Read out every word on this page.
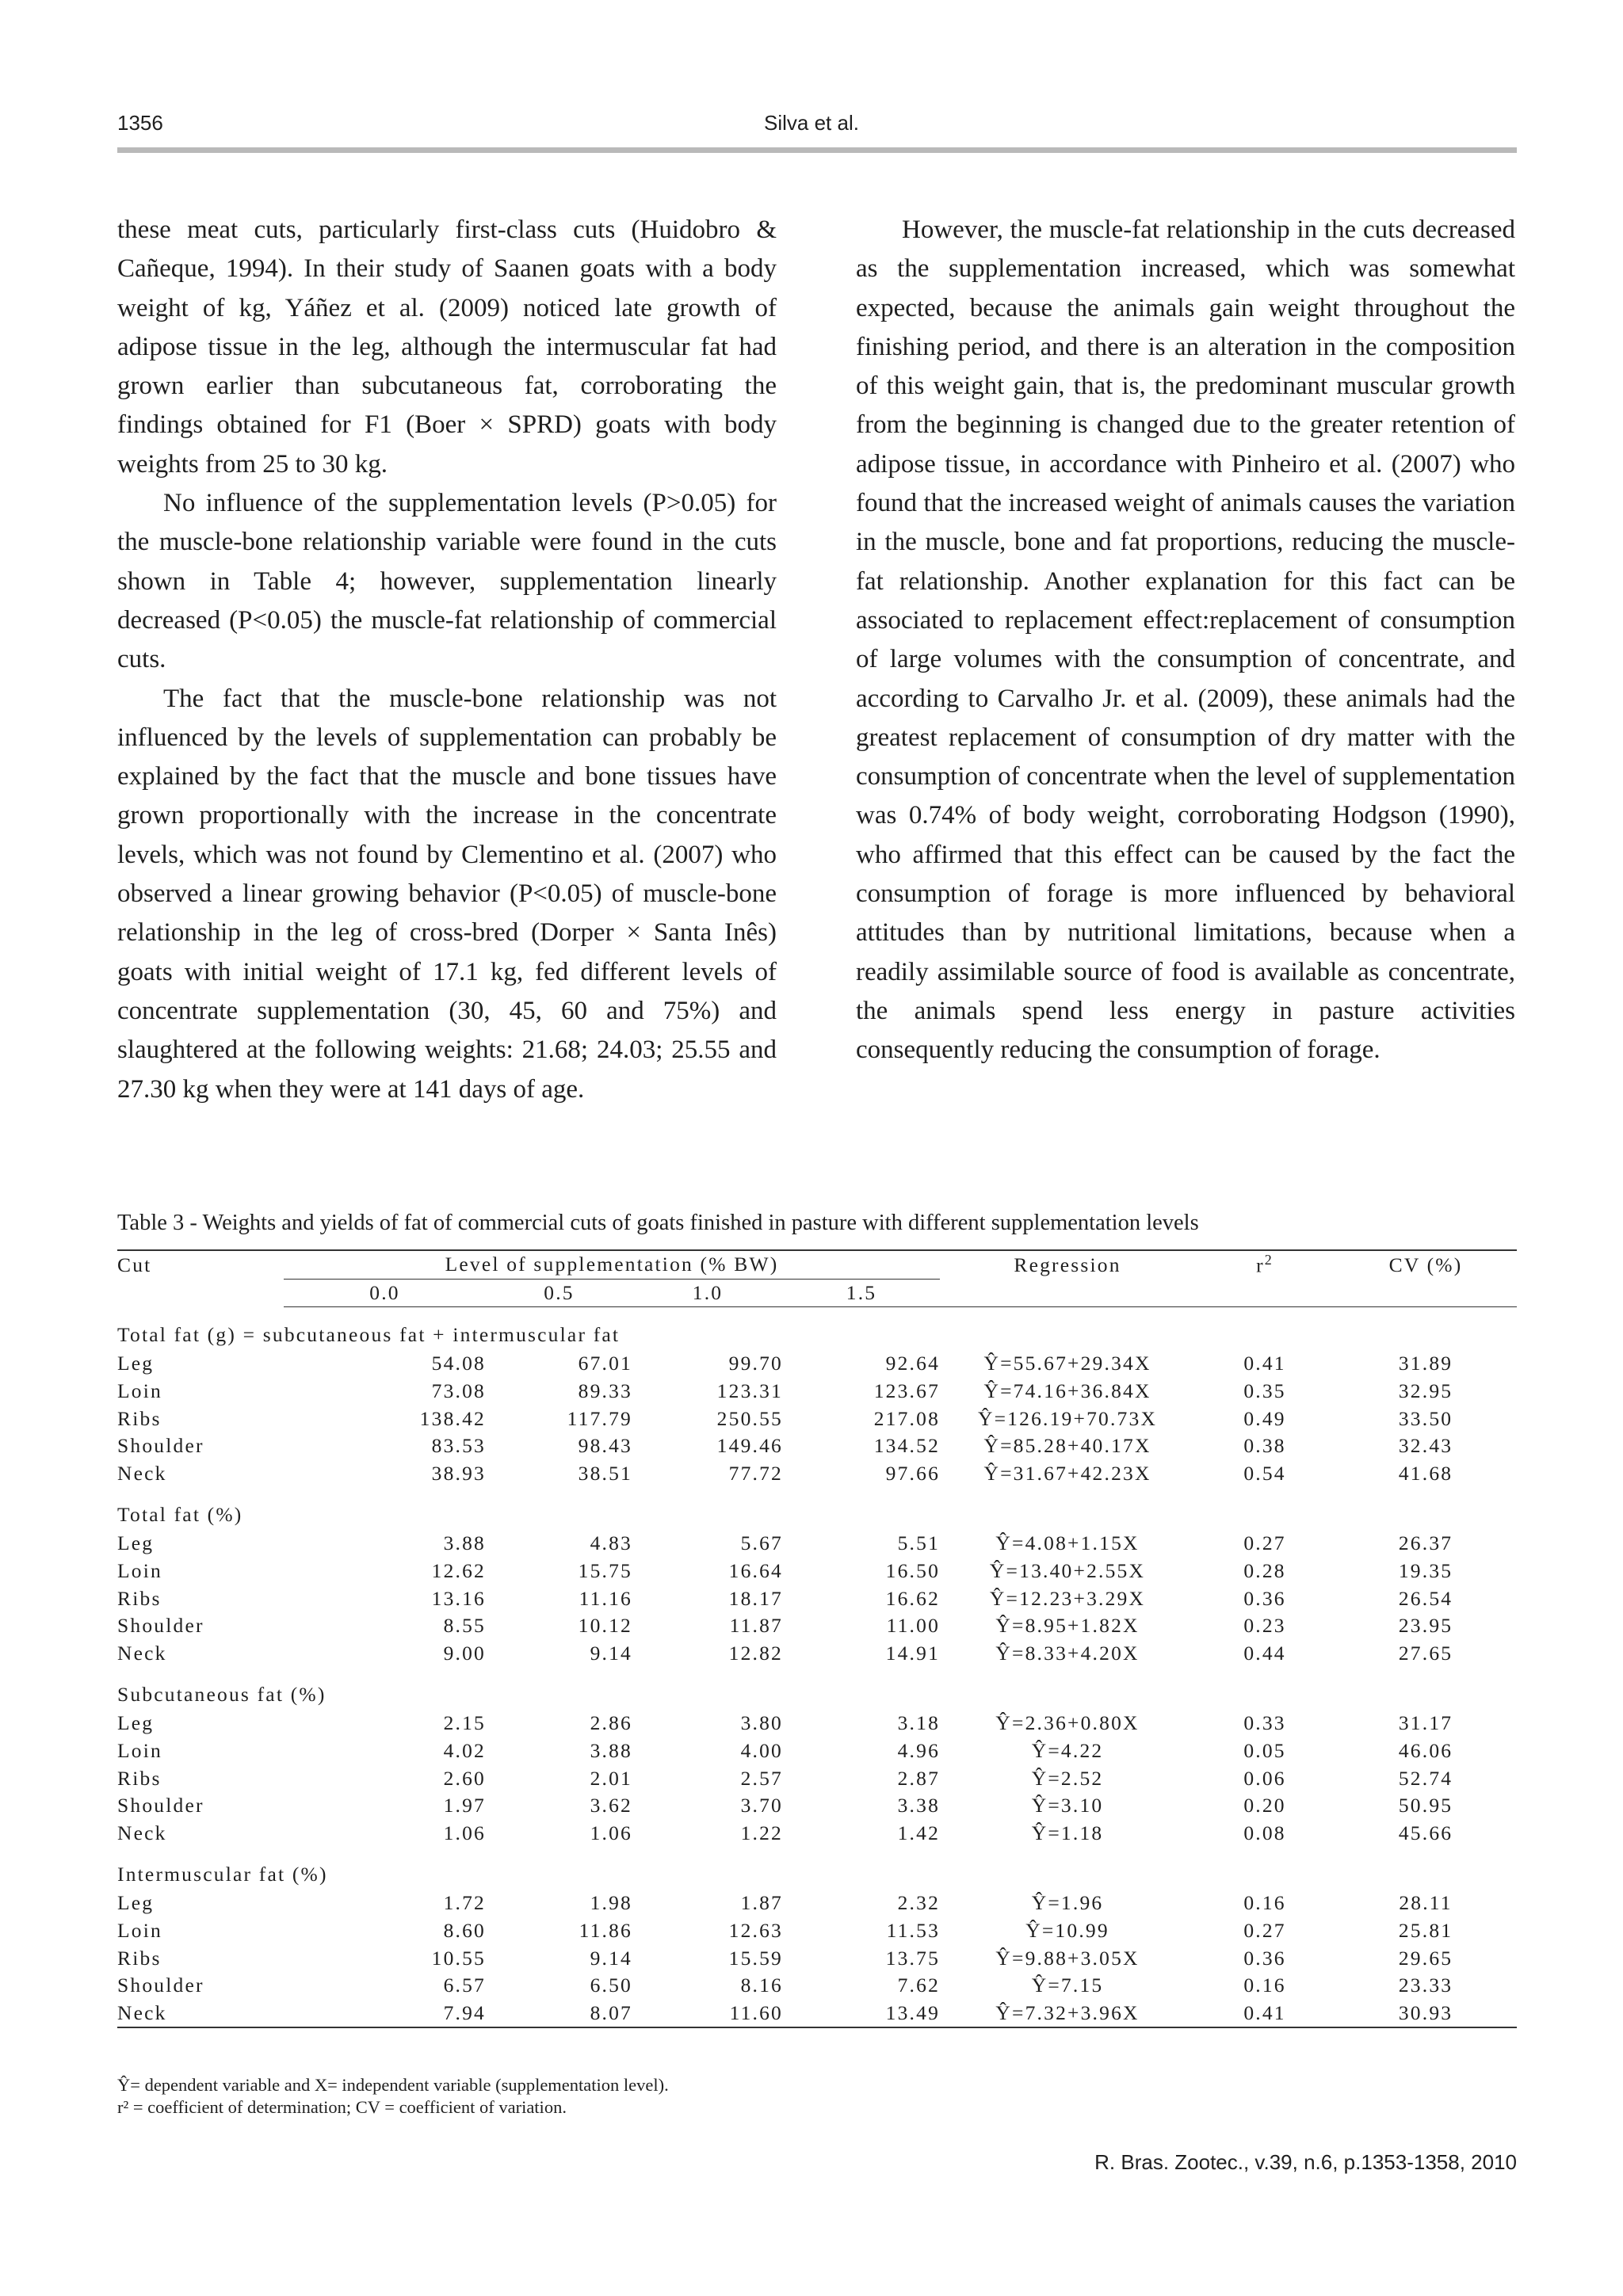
1356	Silva et al.

these meat cuts, particularly first-class cuts (Huidobro & Cañeque, 1994). In their study of Saanen goats with a body weight of kg, Yáñez et al. (2009) noticed late growth of adipose tissue in the leg, although the intermuscular fat had grown earlier than subcutaneous fat, corroborating the findings obtained for F1 (Boer × SPRD) goats with body weights from 25 to 30 kg.

No influence of the supplementation levels (P>0.05) for the muscle-bone relationship variable were found in the cuts shown in Table 4; however, supplementation linearly decreased (P<0.05) the muscle-fat relationship of commercial cuts.

The fact that the muscle-bone relationship was not influenced by the levels of supplementation can probably be explained by the fact that the muscle and bone tissues have grown proportionally with the increase in the concentrate levels, which was not found by Clementino et al. (2007) who observed a linear growing behavior (P<0.05) of muscle-bone relationship in the leg of cross-bred (Dorper × Santa Inês) goats with initial weight of 17.1 kg, fed different levels of concentrate supplementation (30, 45, 60 and 75%) and slaughtered at the following weights: 21.68; 24.03; 25.55 and 27.30 kg when they were at 141 days of age.

However, the muscle-fat relationship in the cuts decreased as the supplementation increased, which was somewhat expected, because the animals gain weight throughout the finishing period, and there is an alteration in the composition of this weight gain, that is, the predominant muscular growth from the beginning is changed due to the greater retention of adipose tissue, in accordance with Pinheiro et al. (2007) who found that the increased weight of animals causes the variation in the muscle, bone and fat proportions, reducing the muscle-fat relationship. Another explanation for this fact can be associated to replacement effect:replacement of consumption of large volumes with the consumption of concentrate, and according to Carvalho Jr. et al. (2009), these animals had the greatest replacement of consumption of dry matter with the consumption of concentrate when the level of supplementation was 0.74% of body weight, corroborating Hodgson (1990), who affirmed that this effect can be caused by the fact the consumption of forage is more influenced by behavioral attitudes than by nutritional limitations, because when a readily assimilable source of food is available as concentrate, the animals spend less energy in pasture activities consequently reducing the consumption of forage.

Table 3 - Weights and yields of fat of commercial cuts of goats finished in pasture with different supplementation levels
Cut	Level of supplementation (% BW)				Regression	$r^2$	CV (%)
	0.0	0.5	1.0	1.5			
Total fat (g) = subcutaneous fat + intermuscular fat							
Leg	54.08	67.01	99.70	92.64	Ŷ=55.67+29.34X	0.41	31.89
Loin	73.08	89.33	123.31	123.67	Ŷ=74.16+36.84X	0.35	32.95
Ribs	138.42	117.79	250.55	217.08	Ŷ=126.19+70.73X	0.49	33.50
Shoulder	83.53	98.43	149.46	134.52	Ŷ=85.28+40.17X	0.38	32.43
Neck	38.93	38.51	77.72	97.66	Ŷ=31.67+42.23X	0.54	41.68
Total fat (%)							
Leg	3.88	4.83	5.67	5.51	Ŷ=4.08+1.15X	0.27	26.37
Loin	12.62	15.75	16.64	16.50	Ŷ=13.40+2.55X	0.28	19.35
Ribs	13.16	11.16	18.17	16.62	Ŷ=12.23+3.29X	0.36	26.54
Shoulder	8.55	10.12	11.87	11.00	Ŷ=8.95+1.82X	0.23	23.95
Neck	9.00	9.14	12.82	14.91	Ŷ=8.33+4.20X	0.44	27.65
Subcutaneous fat (%)							
Leg	2.15	2.86	3.80	3.18	Ŷ=2.36+0.80X	0.33	31.17
Loin	4.02	3.88	4.00	4.96	Ŷ=4.22	0.05	46.06
Ribs	2.60	2.01	2.57	2.87	Ŷ=2.52	0.06	52.74
Shoulder	1.97	3.62	3.70	3.38	Ŷ=3.10	0.20	50.95
Neck	1.06	1.06	1.22	1.42	Ŷ=1.18	0.08	45.66
Intermuscular fat (%)							
Leg	1.72	1.98	1.87	2.32	Ŷ=1.96	0.16	28.11
Loin	8.60	11.86	12.63	11.53	Ŷ=10.99	0.27	25.81
Ribs	10.55	9.14	15.59	13.75	Ŷ=9.88+3.05X	0.36	29.65
Shoulder	6.57	6.50	8.16	7.62	Ŷ=7.15	0.16	23.33
Neck	7.94	8.07	11.60	13.49	Ŷ=7.32+3.96X	0.41	30.93
Ŷ= dependent variable and X= independent variable (supplementation level).
r² = coefficient of determination; CV = coefficient of variation.
R. Bras. Zootec., v.39, n.6, p.1353-1358, 2010
